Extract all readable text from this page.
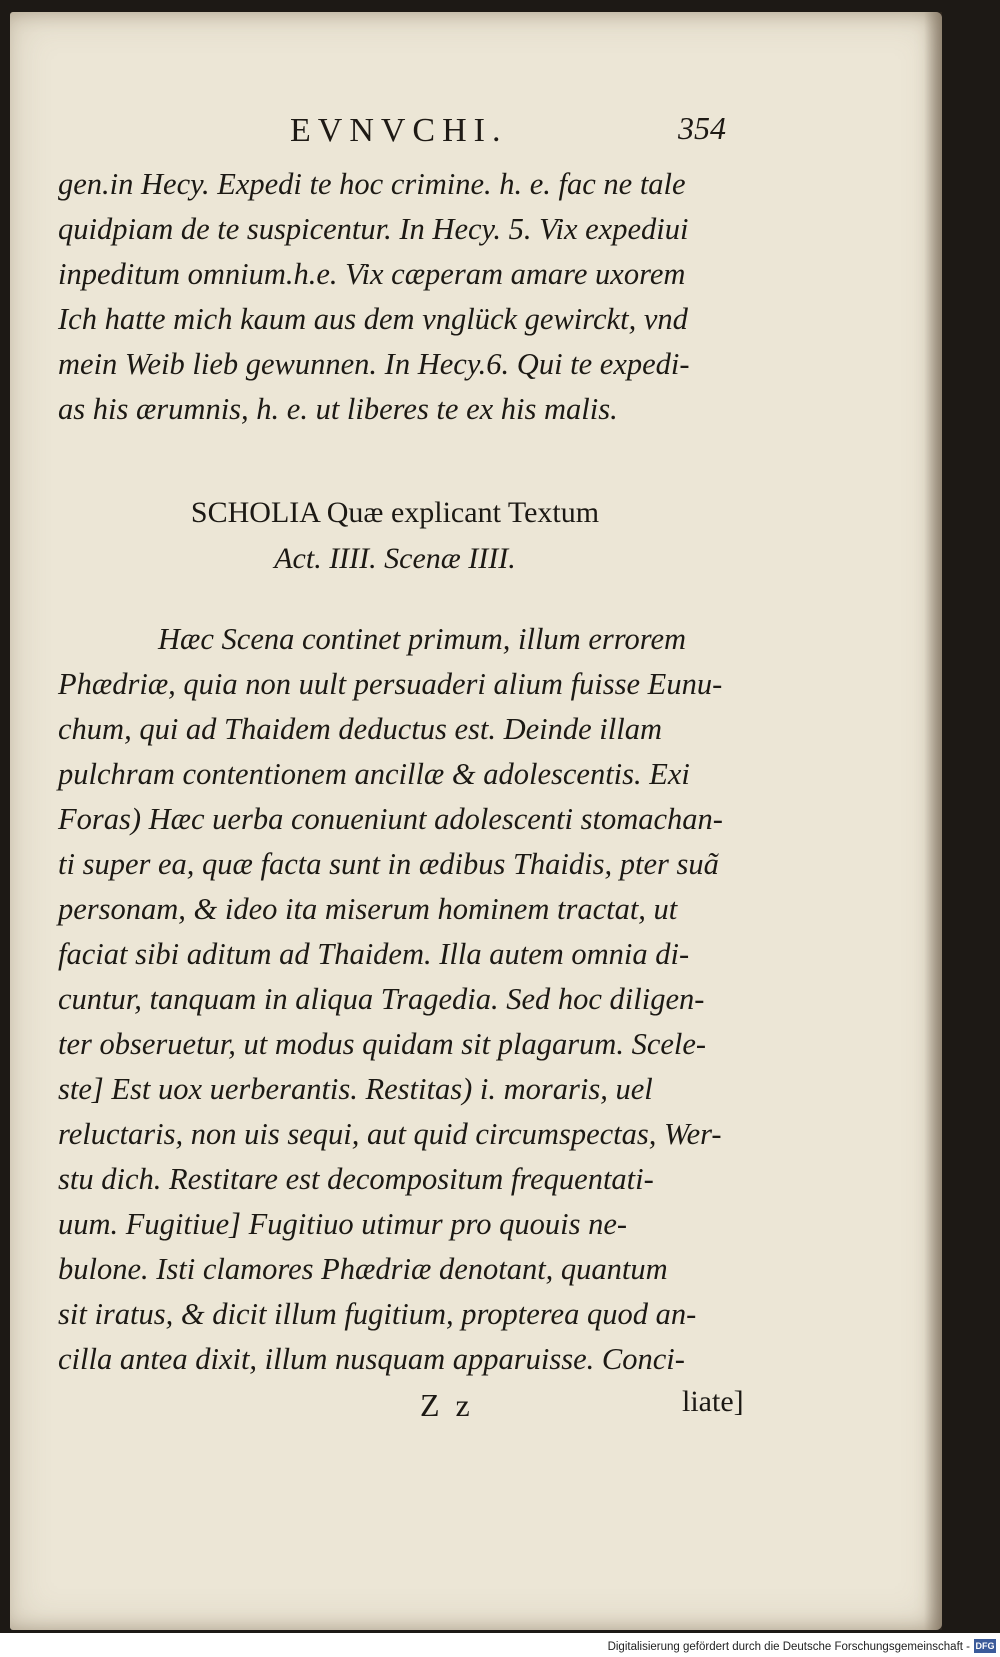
EVNVCHI.	354
gen.in Hecy. Expedi te hoc crimine. h. e. fac ne tale
quidpiam de te suspicentur. In Hecy. 5. Vix expediui
inpeditum omnium.h.e. Vix cæperam amare uxorem
Ich hatte mich kaum aus dem vnglück gewirckt, vnd
mein Weib lieb gewunnen. In Hecy.6. Qui te expedi-
as his ærumnis, h. e. ut liberes te ex his malis.
SCHOLIA Quæ explicant Textum
Act. IIII. Scenæ IIII.
Hæc Scena continet primum, illum errorem
Phædriæ, quia non uult persuaderi alium fuisse Eunu-
chum, qui ad Thaidem deductus est. Deinde illam
pulchram contentionem ancillæ & adolescentis. Exi
Foras) Hæc uerba conueniunt adolescenti stomachan-
ti super ea, quæ facta sunt in ædibus Thaidis, pter suã
personam, & ideo ita miserum hominem tractat, ut
faciat sibi aditum ad Thaidem. Illa autem omnia di-
cuntur, tanquam in aliqua Tragedia. Sed hoc diligen-
ter obseruetur, ut modus quidam sit plagarum. Scele-
ste] Est uox uerberantis. Restitas) i. moraris, uel
reluctaris, non uis sequi, aut quid circumspectas, Wer-
stu dich. Restitare est decompositum frequentati-
uum. Fugitiue] Fugitiuo utimur pro quouis ne-
bulone. Isti clamores Phædriæ denotant, quantum
sit iratus, & dicit illum fugitium, propterea quod an-
cilla antea dixit, illum nusquam apparuisse. Conci-
Z z	liate]
Digitalisierung gefördert durch die Deutsche Forschungsgemeinschaft - DFG
